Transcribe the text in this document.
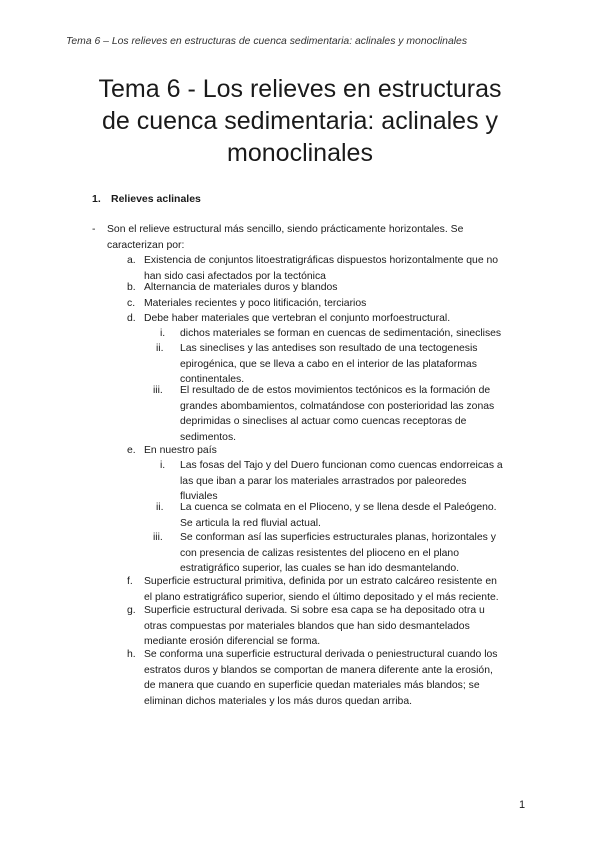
Tema 6 – Los relieves en estructuras de cuenca sedimentaria: aclinales y monoclinales
Tema 6 - Los relieves en estructuras
de cuenca sedimentaria: aclinales y
monoclinales
1. Relieves aclinales
- Son el relieve estructural más sencillo, siendo prácticamente horizontales. Se
caracterizan por:
a. Existencia de conjuntos litoestratigráficas dispuestos horizontalmente que no
han sido casi afectados por la tectónica
b. Alternancia de materiales duros y blandos
c. Materiales recientes y poco litificación, terciarios
d. Debe haber materiales que vertebran el conjunto morfoestructural.
i. dichos materiales se forman en cuencas de sedimentación, sineclises
ii. Las sineclises y las antedises son resultado de una tectogenesis
epirogénica, que se lleva a cabo en el interior de las plataformas
continentales.
iii. El resultado de de estos movimientos tectónicos es la formación de
grandes abombamientos, colmatándose con posterioridad las zonas
deprimidas o sineclises al actuar como cuencas receptoras de
sedimentos.
e. En nuestro país
i. Las fosas del Tajo y del Duero funcionan como cuencas endorreicas a
las que iban a parar los materiales arrastrados por paleoredes
fluviales
ii. La cuenca se colmata en el Plioceno, y se llena desde el Paleógeno.
Se articula la red fluvial actual.
iii. Se conforman así las superficies estructurales planas, horizontales y
con presencia de calizas resistentes del plioceno en el plano
estratigráfico superior, las cuales se han ido desmantelando.
f. Superficie estructural primitiva, definida por un estrato calcáreo resistente en
el plano estratigráfico superior, siendo el último depositado y el más reciente.
g. Superficie estructural derivada. Si sobre esa capa se ha depositado otra u
otras compuestas por materiales blandos que han sido desmantelados
mediante erosión diferencial se forma.
h. Se conforma una superficie estructural derivada o peniestructural cuando los
estratos duros y blandos se comportan de manera diferente ante la erosión,
de manera que cuando en superficie quedan materiales más blandos; se
eliminan dichos materiales y los más duros quedan arriba.
1
